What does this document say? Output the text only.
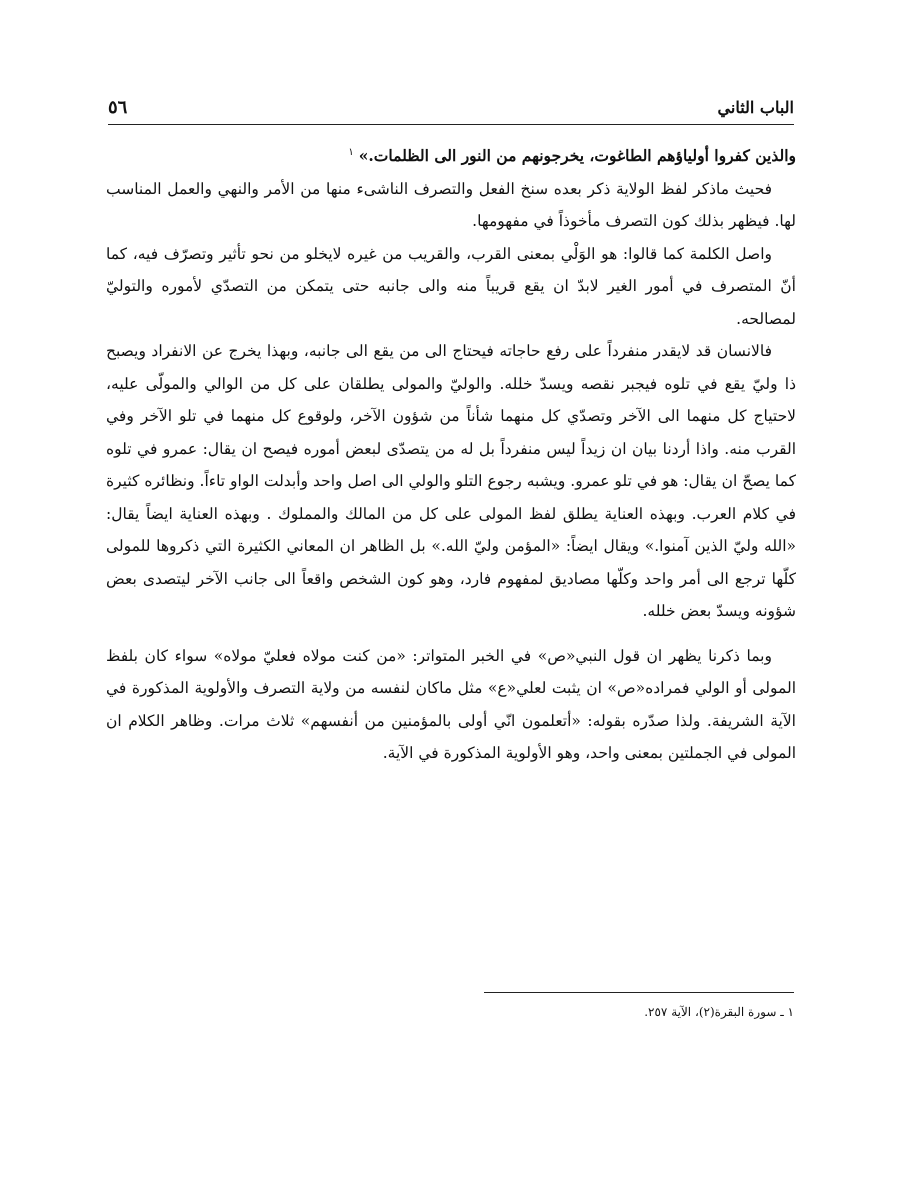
الباب الثاني
٥٦

والذين كفروا أولياؤهم الطاغوت، يخرجونهم من النور الى الظلمات.» $^١$

فحيث ماذكر لفظ الولاية ذكر بعده سنخ الفعل والتصرف الناشىء منها من الأمر والنهي والعمل المناسب لها. فيظهر بذلك كون التصرف مأخوذاً في مفهومها.

واصل الكلمة كما قالوا: هو الوَلْي بمعنى القرب، والقريب من غيره لايخلو من نحو تأثير وتصرّف فيه، كما أنّ المتصرف في أمور الغير لابدّ ان يقع قريباً منه والى جانبه حتى يتمكن من التصدّي لأموره والتوليّ لمصالحه.

فالانسان قد لايقدر منفرداً على رفع حاجاته فيحتاج الى من يقع الى جانبه، وبهذا يخرج عن الانفراد ويصبح ذا وليّ يقع في تلوه فيجبر نقصه ويسدّ خلله. والوليّ والمولى يطلقان على كل من الوالي والمولّى عليه، لاحتياج كل منهما الى الآخر وتصدّي كل منهما شأناً من شؤون الآخر، ولوقوع كل منهما في تلو الآخر وفي القرب منه. واذا أردنا بيان ان زيداً ليس منفرداً بل له من يتصدّى لبعض أموره فيصح ان يقال: عمرو في تلوه كما يصحّ ان يقال: هو في تلو عمرو. ويشبه رجوع التلو والولي الى اصل واحد وأبدلت الواو تاءاً. ونظائره كثيرة في كلام العرب. وبهذه العناية يطلق لفظ المولى على كل من المالك والمملوك . وبهذه العناية ايضاً يقال: «الله وليّ الذين آمنوا.» ويقال ايضاً: «المؤمن وليّ الله.» بل الظاهر ان المعاني الكثيرة التي ذكروها للمولى كلّها ترجع الى أمر واحد وكلّها مصاديق لمفهوم فارد، وهو كون الشخص واقعاً الى جانب الآخر ليتصدى بعض شؤونه ويسدّ بعض خلله.

وبما ذكرنا يظهر ان قول النبي«ص» في الخبر المتواتر: «من كنت مولاه فعليّ مولاه» سواء كان بلفظ المولى أو الولي فمراده«ص» ان يثبت لعلي«ع» مثل ماكان لنفسه من ولاية التصرف والأولوية المذكورة في الآية الشريفة. ولذا صدّره بقوله: «أتعلمون انّي أولى بالمؤمنين من أنفسهم» ثلاث مرات. وظاهر الكلام ان المولى في الجملتين بمعنى واحد، وهو الأولوية المذكورة في الآية.

١ ـ سورة البقرة(٢)، الآية ٢٥٧.
